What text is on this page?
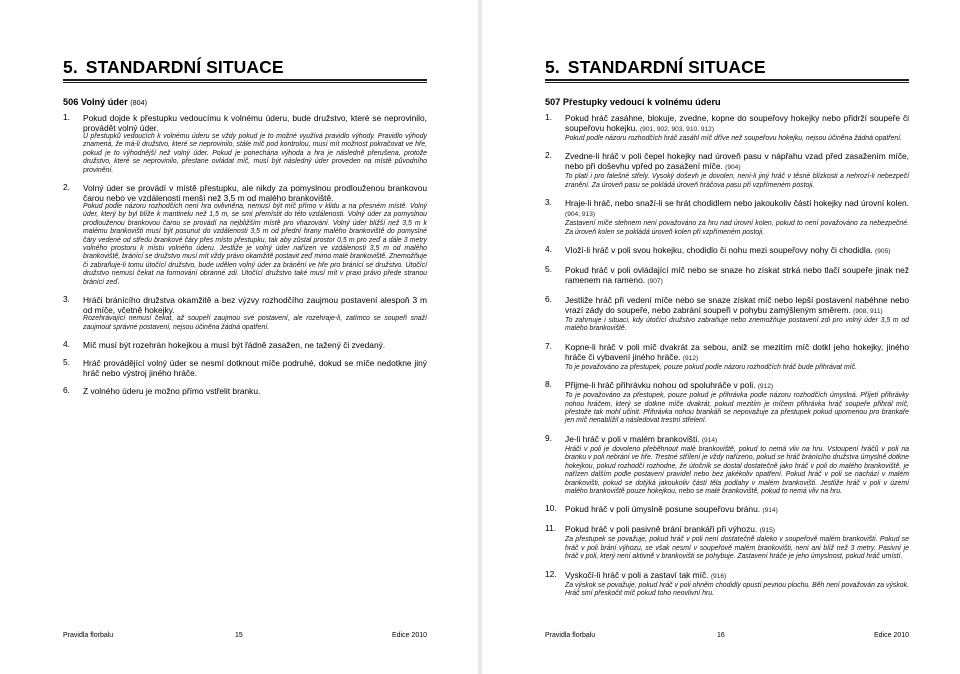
5. STANDARDNÍ SITUACE
506 Volný úder (804)
1. Pokud dojde k přestupku vedoucímu k volnému úderu, bude družstvo, které se neprovinilo, provádět volný úder.
U přestupků vedoucích k volnému úderu se vždy pokud je to možné využívá pravidlo výhody. Pravidlo výhody znamená, že má-li družstvo, které se neprovinilo, stále míč pod kontrolou, musí mít možnost pokračovat ve hře, pokud je to výhodnější než volný úder. Pokud je ponechána výhoda a hra je následně přerušena, protože družstvo, které se neprovinilo, přestane ovládat míč, musí být následný úder proveden na místě původního provinění.
2. Volný úder se provádí v místě přestupku, ale nikdy za pomyslnou prodlouženou brankovou čarou nebo ve vzdálenosti menší než 3,5 m od malého brankoviště.
Pokud podle názoru rozhodčích není hra ovlivněna, nemusí být míč přímo v klidu a na přesném místě. Volný úder, který by byl blíže k mantinelu než 1,5 m, se smí přemístit do této vzdálenosti. Volný úder za pomyslnou prodlouženou brankovou čarou se provádí na nejbližším místě pro vhazování. Volný úder bližší než 3,5 m k malému brankovišti musí být posunut do vzdálenosti 3,5 m od přední hrany malého brankoviště do pomyslné čáry vedené od středu brankové čáry přes místo přestupku, tak aby zůstal prostor 0,5 m pro zeď a dále 3 metry volného prostoru k místu volného úderu. Jestliže je volný úder nařízen ve vzdálenosti 3,5 m od malého brankoviště, bránící se družstvo musí mít vždy právo okamžitě postavit zeď mimo malé brankoviště. Znemožňuje či zabraňuje-li tomu útočící družstvo, bude udělen volný úder za bránění ve hře pro bránící se družstvo. Útočící družstvo nemusí čekat na formování obranné zdi. Útočící družstvo také musí mít v praxi právo přede stranou bránící zeď.
3. Hráči bránícího družstva okamžitě a bez výzvy rozhodčího zaujmou postavení alespoň 3 m od míče, včetně hokejky.
Rozehrávající nemusí čekat, až soupeři zaujmou své postavení, ale rozehraje-li, zatímco se soupeři snaží zaujmout správné postavení, nejsou účiněna žádná opatření.
4. Míč musí být rozehrán hokejkou a musí být řádně zasažen, ne tažený či zvedaný.
5. Hráč provádějící volný úder se nesmí dotknout míče podruhé, dokud se míče nedotkne jiný hráč nebo výstroj jiného hráče.
6. Z volného úderu je možno přímo vstřelit branku.
Pravidla florbalu	15	Edice 2010
5. STANDARDNÍ SITUACE
507 Přestupky vedoucí k volnému úderu
1. Pokud hráč zasáhne, blokuje, zvedne, kopne do soupeřovy hokejky nebo přidrží soupeře či soupeřovu hokejku. (901, 902, 903, 910, 912)
Pokud podle názoru rozhodčích hráč zasáhl míč dříve než soupeřovu hokejku, nejsou účiněna žádná opatření.
2. Zvedne-li hráč v poli čepel hokejky nad úroveň pasu v nápřahu vzad před zasažením míče, nebo při doševhu vpřed po zasažení míče. (904)
To platí i pro falešné střely. Vysoký doševh je dovolen, není-li jiný hráč v těsné blízkosti a nehrozí-li nebezpečí zranění. Za úroveň pasu se pokládá úroveň hráčova pasu při vzpřímeném postoji.
3. Hraje-li hráč, nebo snaží-li se hrát chodidlem nebo jakoukoliv částí hokejky nad úrovní kolen. (904, 913)
Zastavení míče stehnem není považováno za hru nad úrovní kolen, pokud to není považováno za nebezpečné. Za úroveň kolen se pokládá úroveň kolen při vzpřímeném postoji.
4. Vloží-li hráč v poli svou hokejku, chodidlo či nohu mezi soupeřovy nohy či chodidla. (905)
5. Pokud hráč v poli ovládající míč nebo se snaze ho získat strká nebo tlačí soupeře jinak než ramenem na rameno. (907)
6. Jestliže hráč při vedení míče nebo se snaze získat míč nebo lepší postavení nabéhne nebo vrazí zády do soupeře, nebo zabrání soupeři v pohybu zamýšleným směrem. (908, 911)
To zahrnuje i situaci, kdy útočící družstvo zabraňuje nebo znemožňuje postavení zdi pro volný úder 3,5 m od malého brankoviště.
7. Kopne-li hráč v poli míč dvakrát za sebou, aniž se mezitím míč dotkl jeho hokejky, jiného hráče či vybavení jiného hráče. (912)
To je považováno za přestupek, pouze pokud podle názoru rozhodčích hráč bude přihrávat míč.
8. Přijme-li hráč přihrávku nohou od spoluhráče v poli. (912)
To je považováno za přestupek, pouze pokud je přihrávka podle názoru rozhodčích úmyslná. Příjetí přihrávky nohou hráčem, který se dotkne míče dvakrát, pokud mezitím je míčem přihrávka hráč soupeře přihrál míč, přestože tak mohl učinit. Přihrávka nohou brankáři se nepovažuje za přestupek pokud upomenou pro brankaře jen míč nenablížil a následovat trestní střelení.
9. Je-li hráč v poli v malém brankovišti. (914)
Hráči v poli je dovoleno přeběhnout malé brankoviště, pokud to nemá vliv na hru. Vstoupení hráčů v poli na branku v poli nebrání ve hře. Trestné střílení je vždy nařízeno, pokud se hráč bránícího družstva úmyslně dotkne hokejkou, pokud rozhodčí rozhodne, že útočník se dostal dostatečně jako hráč v poli do malého brankoviště, je nařízen dalším podle postavení pravidel nebo bez jakékoliv opatření. Pokud hráč v poli se nachází v malém brankovišti, pokud se dotýká jakoukoliv částí těla podlahy v malém brankovišti. Jestliže hráč v poli v území malého brankoviště pouze hokejkou, nebo se malé brankoviště, pokud to nemá vliv na hru.
10. Pokud hráč v poli úmyslně posune soupeřovu bránu. (914)
11. Pokud hráč v poli pasivně brání brankáři při výhozu. (915)
Za přestupek se považuje, pokud hráč v poli není dostatečně daleko v soupeřově malém brankovišti. Pokud se hráč v poli brání výhozu, se však nesmí v soupeřově malém brankovišti, není ani blíž než 3 metry. Pasivní je hráč v poli, který není aktivně v brankovišti se pohybuje. Zastavení hráče je jeho úmyslnost, pokud hráč umístí.
12. Vyskočí-li hráč v poli a zastaví tak míč. (916)
Za výskok se považuje, pokud hráč v poli ohněm chodidly opustí pevnou plochu. Běh není považován za výskok. Hráč smí přeskočit míč pokud toho neovlivní hru.
Pravidla florbalu	16	Edice 2010
